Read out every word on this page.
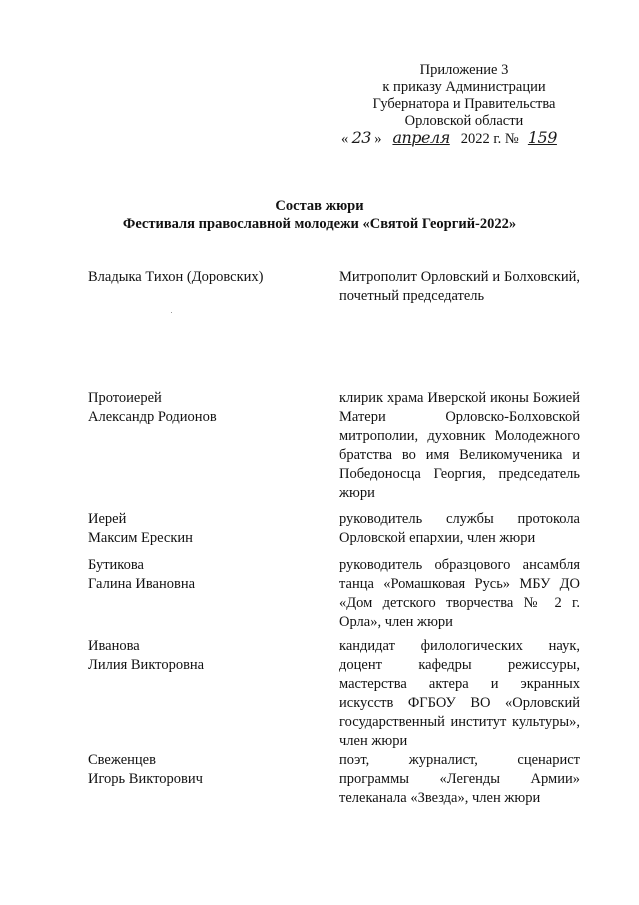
Приложение 3
к приказу Администрации
Губернатора и Правительства
Орловской области
« 23 » апреля 2022 г. № 159
Состав жюри
Фестиваля православной молодежи «Святой Георгий-2022»
Владыка Тихон (Доровских)	Митрополит Орловский и Болховский, почетный председатель
Протоиерей
Александр Родионов
клирик храма Иверской иконы Божией Матери Орловско-Болховской митрополии, духовник Молодежного братства во имя Великомученика и Победоносца Георгия, председатель жюри
Иерей
Максим Ерескин
руководитель службы протокола Орловской епархии, член жюри
Бутикова
Галина Ивановна
руководитель образцового ансамбля танца «Ромашковая Русь» МБУ ДО «Дом детского творчества № 2 г. Орла», член жюри
Иванова
Лилия Викторовна
кандидат филологических наук, доцент кафедры режиссуры, мастерства актера и экранных искусств ФГБОУ ВО «Орловский государственный институт культуры», член жюри
Свеженцев
Игорь Викторович
поэт, журналист, сценарист программы «Легенды Армии» телеканала «Звезда», член жюри
